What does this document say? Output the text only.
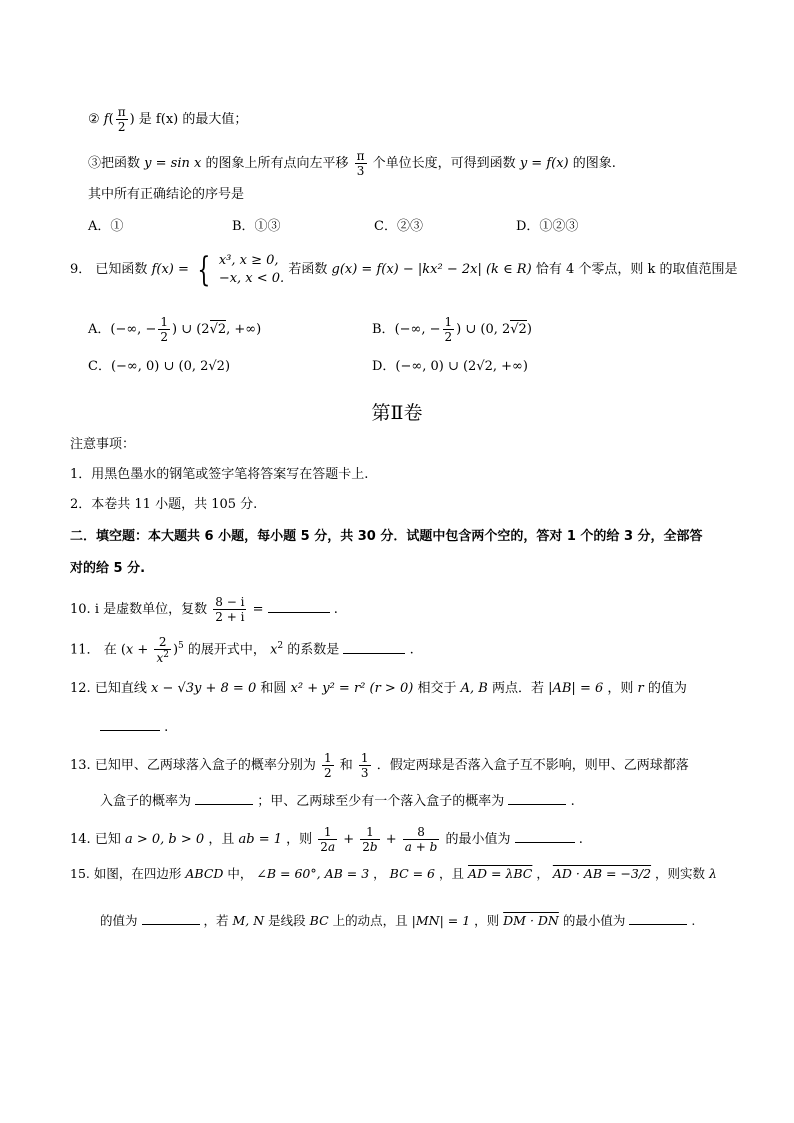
② $f( \frac{\pi}{2}$ ) 是 f(x) 的最大值；
③把函数 y = sin x 的图象上所有点向左平移 $\frac{\pi}{3}$ 个单位长度，可得到函数 y = f(x) 的图象.
其中所有正确结论的序号是
A．①	B．①③	C．②③	D．①②③
9． 已知函数 f(x) = { x³, x ≥ 0,
−x, x < 0.
若函数 g(x) = f(x) − |kx² − 2x| (k ∈ R) 恰有 4 个零点，则 k 的取值范围是
A．(−∞, − $\frac{1}{2}$ ) ∪ (2√2, +∞)	B．(−∞, − $\frac{1}{2}$ ) ∪ (0, 2√2)
C．(−∞, 0) ∪ (0, 2√2)	D．(−∞, 0) ∪ (2√2, +∞)
第Ⅱ卷
注意事项：
1．用黑色墨水的钢笔或签字笔将答案写在答题卡上.
2．本卷共 11 小题，共 105 分.
二．填空题：本大题共 6 小题，每小题 5 分，共 30 分．试题中包含两个空的，答对 1 个的给 3 分，全部答
对的给 5 分.
10. i 是虚数单位，复数 $\frac{8 - i}{2 + i}$ =	.
11． 在 $(x + \frac{2}{x^2} )^5$ 的展开式中， $x^2$ 的系数是	.
12. 已知直线 x − √3y + 8 = 0 和圆 x² + y² = r² (r > 0) 相交于 A, B 两点．若 |AB| = 6 ，则 r 的值为
.
13. 已知甲、乙两球落入盒子的概率分别为 $\frac{1}{2}$ 和 $\frac{1}{3}$ ．假定两球是否落入盒子互不影响，则甲、乙两球都落
入盒子的概率为	；甲、乙两球至少有一个落入盒子的概率为	.
14. 已知 a > 0, b > 0 ，且 ab = 1 ，则 $\frac{1}{2a} + \frac{1}{2b} + \frac{8}{a + b}$ 的最小值为	.
15. 如图，在四边形 ABCD 中， ∠B = 60°, AB = 3 ， BC = 6 ，且 AD = λBC ， AD · AB = −3/2 ，则实数 λ
的值为	，若 M, N 是线段 BC 上的动点，且 |MN| = 1 ，则 DM · DN 的最小值为	.
